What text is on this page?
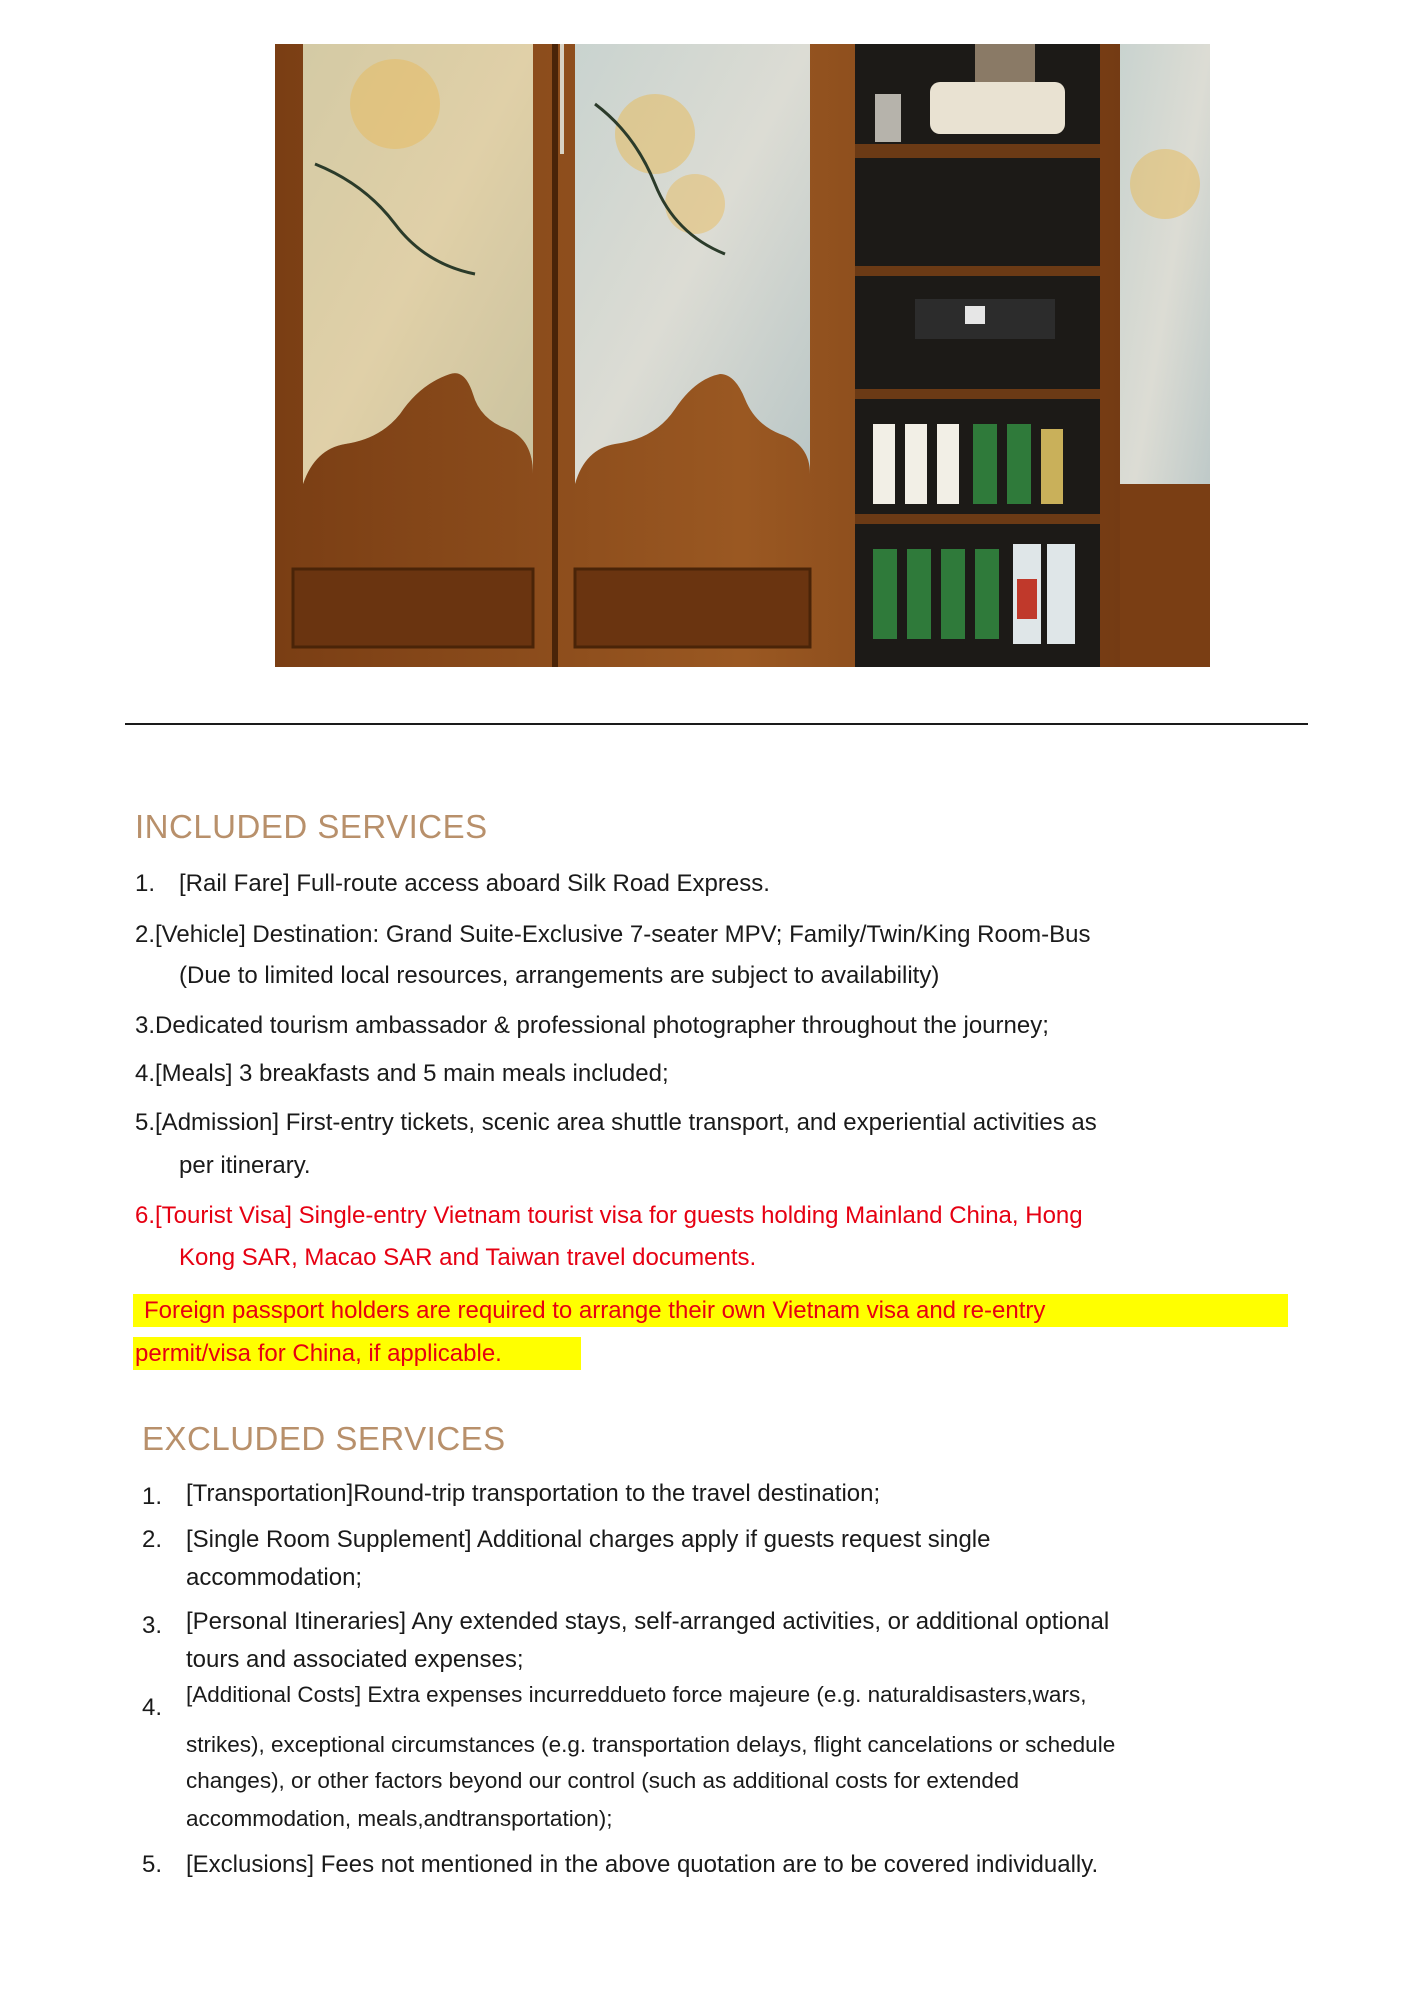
INCLUDED SERVICES
1. [Rail Fare] Full-route access aboard Silk Road Express.
2.[Vehicle] Destination: Grand Suite-Exclusive 7-seater MPV; Family/Twin/King Room-Bus
(Due to limited local resources, arrangements are subject to availability)
3.Dedicated tourism ambassador & professional photographer throughout the journey;
4.[Meals] 3 breakfasts and 5 main meals included;
5.[Admission] First-entry tickets, scenic area shuttle transport, and experiential activities as
per itinerary.
6.[Tourist Visa] Single-entry Vietnam tourist visa for guests holding Mainland China, Hong
Kong SAR, Macao SAR and Taiwan travel documents.
Foreign passport holders are required to arrange their own Vietnam visa and re-entry
permit/visa for China, if applicable.
EXCLUDED SERVICES
1. [Transportation]Round-trip transportation to the travel destination;
2. [Single Room Supplement] Additional charges apply if guests request single
accommodation;
3. [Personal Itineraries] Any extended stays, self-arranged activities, or additional optional
tours and associated expenses;
4. [Additional Costs] Extra expenses incurreddueto force majeure (e.g. naturaldisasters,wars,
strikes), exceptional circumstances (e.g. transportation delays, flight cancelations or schedule
changes), or other factors beyond our control (such as additional costs for extended
accommodation, meals,andtransportation);
5. [Exclusions] Fees not mentioned in the above quotation are to be covered individually.
